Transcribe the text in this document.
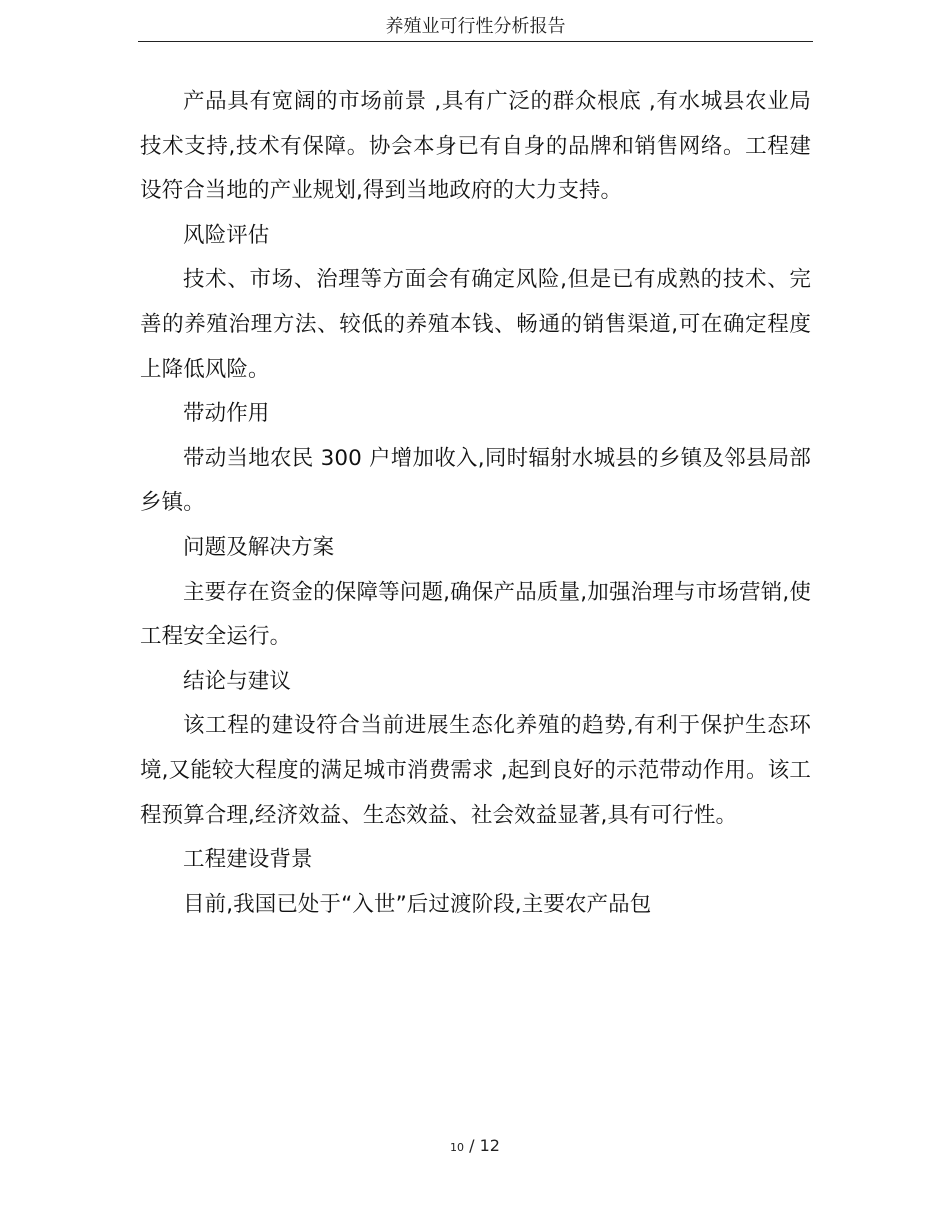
养殖业可行性分析报告

产品具有宽阔的市场前景 ,具有广泛的群众根底 ,有水城县农业局技术支持,技术有保障。协会本身已有自身的品牌和销售网络。工程建设符合当地的产业规划,得到当地政府的大力支持。

风险评估

技术、市场、治理等方面会有确定风险,但是已有成熟的技术、完善的养殖治理方法、较低的养殖本钱、畅通的销售渠道,可在确定程度上降低风险。

带动作用

带动当地农民 300 户增加收入,同时辐射水城县的乡镇及邻县局部乡镇。

问题及解决方案

主要存在资金的保障等问题,确保产品质量,加强治理与市场营销,使工程安全运行。

结论与建议

该工程的建设符合当前进展生态化养殖的趋势,有利于保护生态环境,又能较大程度的满足城市消费需求 ,起到良好的示范带动作用。该工程预算合理,经济效益、生态效益、社会效益显著,具有可行性。

工程建设背景

目前,我国已处于“入世”后过渡阶段,主要农产品包

10 / 12
